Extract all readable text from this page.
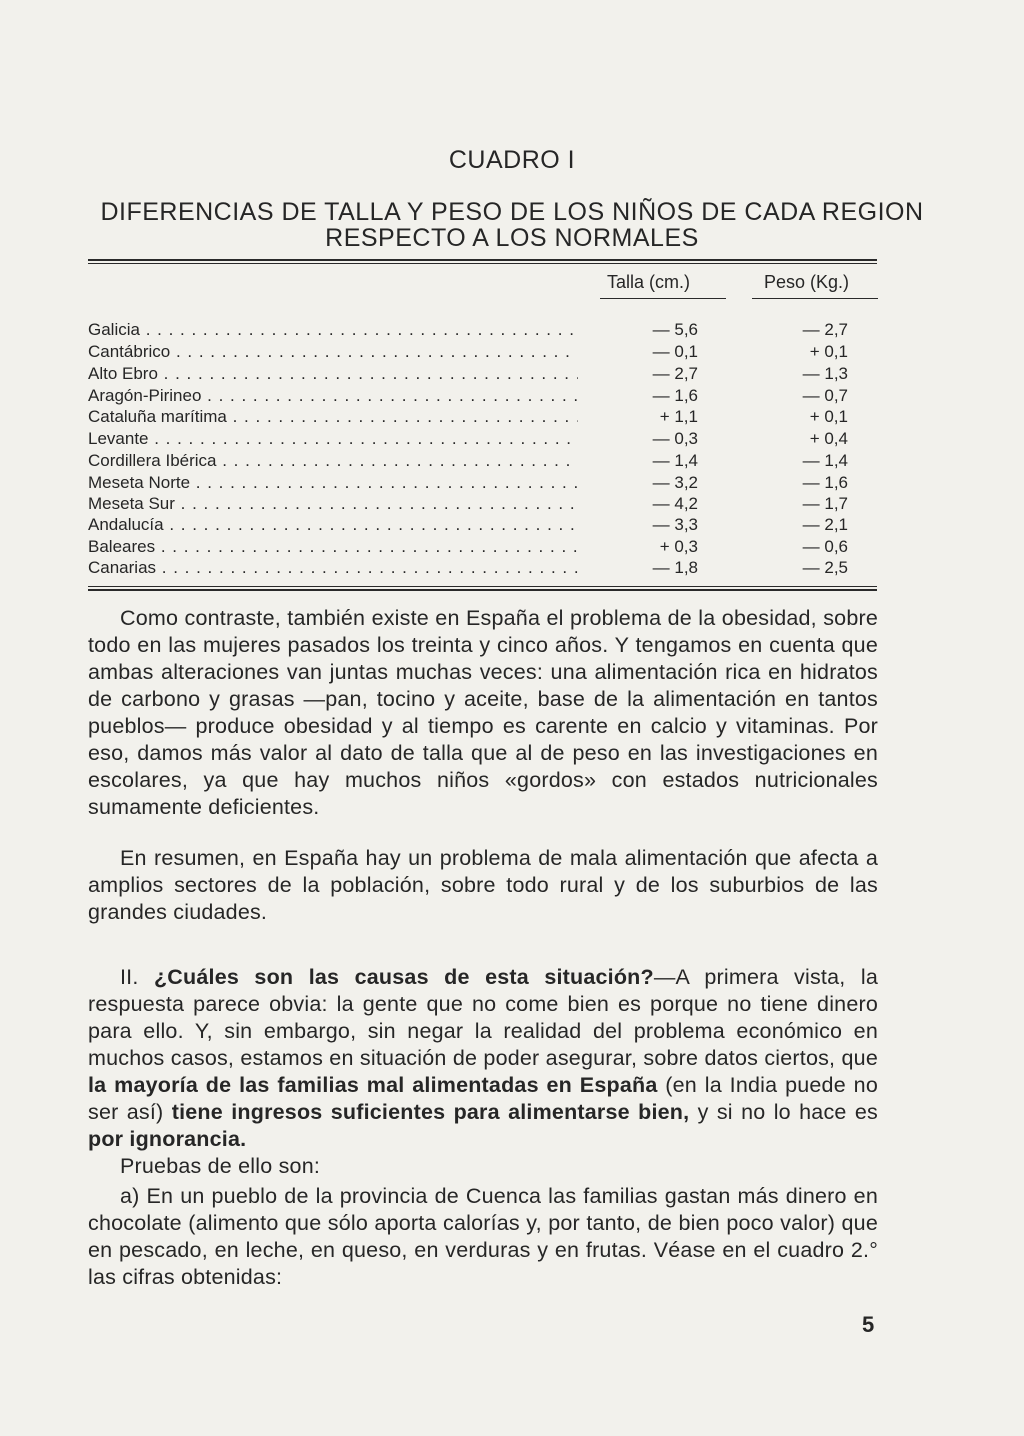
CUADRO I
DIFERENCIAS DE TALLA Y PESO DE LOS NIÑOS DE CADA REGION
RESPECTO A LOS NORMALES
Talla (cm.)	Peso (Kg.)
Galicia . . .	— 5,6	— 2,7
Cantábrico . . .	— 0,1	+ 0,1
Alto Ebro . . .	— 2,7	— 1,3
Aragón-Pirineo . . .	— 1,6	— 0,7
Cataluña marítima . . .	+ 1,1	+ 0,1
Levante . . .	— 0,3	+ 0,4
Cordillera Ibérica . . .	— 1,4	— 1,4
Meseta Norte . . .	— 3,2	— 1,6
Meseta Sur . . .	— 4,2	— 1,7
Andalucía . . .	— 3,3	— 2,1
Baleares . . .	+ 0,3	— 0,6
Canarias . . .	— 1,8	— 2,5

Como contraste, también existe en España el problema de la obesidad, sobre todo en las mujeres pasados los treinta y cinco años. Y tengamos en cuenta que ambas alteraciones van juntas muchas veces: una alimentación rica en hidratos de carbono y grasas —pan, tocino y aceite, base de la alimentación en tantos pueblos— produce obesidad y al tiempo es carente en calcio y vitaminas. Por eso, damos más valor al dato de talla que al de peso en las investigaciones en escolares, ya que hay muchos niños «gordos» con estados nutricionales sumamente deficientes.

En resumen, en España hay un problema de mala alimentación que afecta a amplios sectores de la población, sobre todo rural y de los suburbios de las grandes ciudades.

II. ¿Cuáles son las causas de esta situación?—A primera vista, la respuesta parece obvia: la gente que no come bien es porque no tiene dinero para ello. Y, sin embargo, sin negar la realidad del problema económico en muchos casos, estamos en situación de poder asegurar, sobre datos ciertos, que la mayoría de las familias mal alimentadas en España (en la India puede no ser así) tiene ingresos suficientes para alimentarse bien, y si no lo hace es por ignorancia.

Pruebas de ello son:

a) En un pueblo de la provincia de Cuenca las familias gastan más dinero en chocolate (alimento que sólo aporta calorías y, por tanto, de bien poco valor) que en pescado, en leche, en queso, en verduras y en frutas. Véase en el cuadro 2.° las cifras obtenidas:

5
